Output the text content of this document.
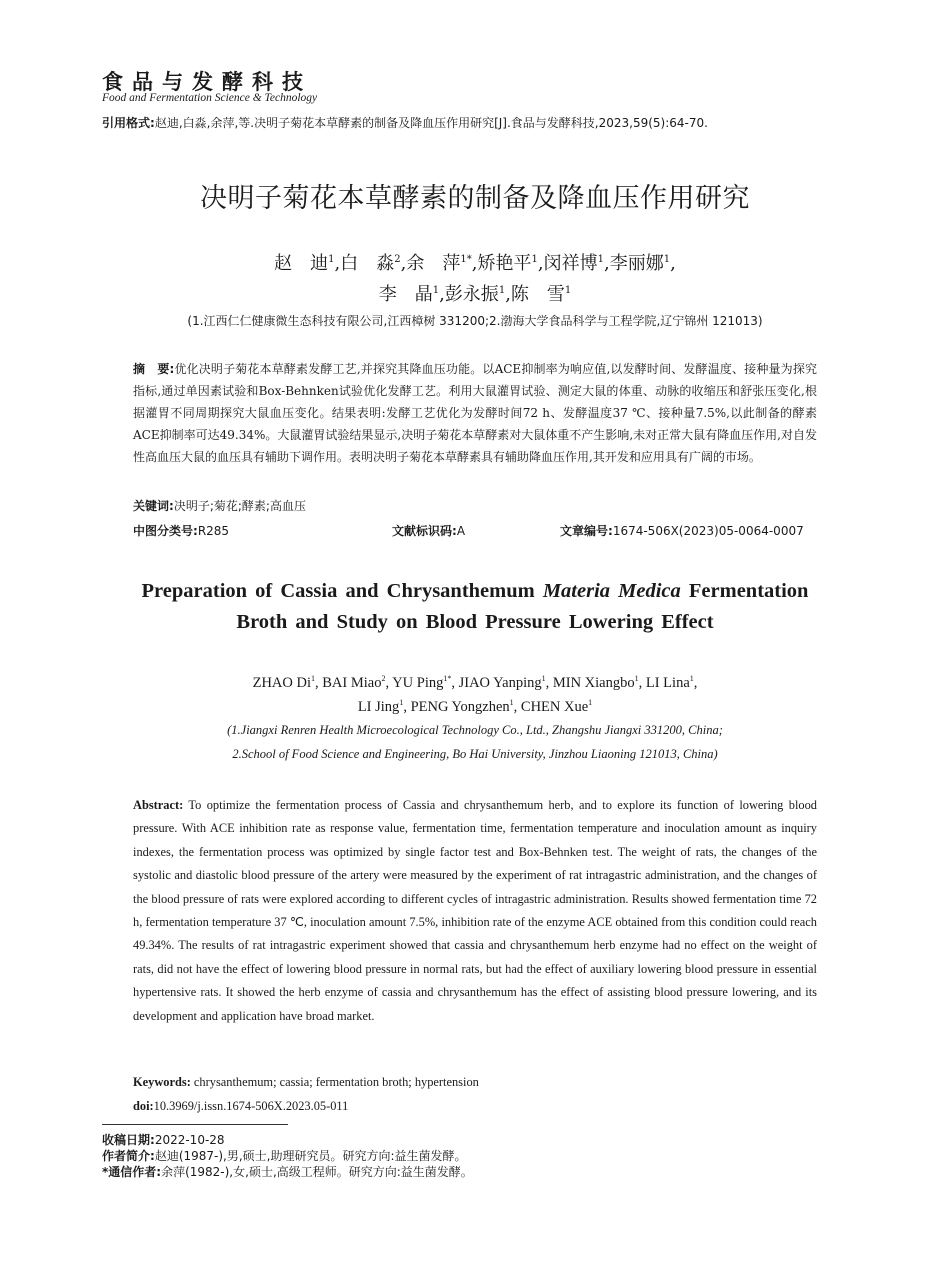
食品与发酵科技
Food and Fermentation Science & Technology
引用格式:赵迪,白淼,余萍,等.决明子菊花本草酵素的制备及降血压作用研究[J].食品与发酵科技,2023,59(5):64-70.
决明子菊花本草酵素的制备及降血压作用研究
赵　迪$^1$,白　淼$^2$,余　萍$^{1*}$,矫艳平$^1$,闵祥博$^1$,李丽娜$^1$,
李　晶$^1$,彭永振$^1$,陈　雪$^1$
(1.江西仁仁健康微生态科技有限公司,江西樟树 331200;2.渤海大学食品科学与工程学院,辽宁锦州 121013)
摘　要:优化决明子菊花本草酵素发酵工艺,并探究其降血压功能。以ACE抑制率为响应值,以发酵时间、发酵温度、接种量为探究指标,通过单因素试验和Box-Behnken试验优化发酵工艺。利用大鼠灌胃试验、测定大鼠的体重、动脉的收缩压和舒张压变化,根据灌胃不同周期探究大鼠血压变化。结果表明:发酵工艺优化为发酵时间72 h、发酵温度37 ℃、接种量7.5%,以此制备的酵素ACE抑制率可达49.34%。大鼠灌胃试验结果显示,决明子菊花本草酵素对大鼠体重不产生影响,未对正常大鼠有降血压作用,对自发性高血压大鼠的血压具有辅助下调作用。表明决明子菊花本草酵素具有辅助降血压作用,其开发和应用具有广阔的市场。
关键词:决明子;菊花;酵素;高血压
中图分类号:R285	文献标识码:A	文章编号:1674-506X(2023)05-0064-0007
Preparation of Cassia and Chrysanthemum Materia Medica Fermentation
Broth and Study on Blood Pressure Lowering Effect
ZHAO Di$^1$, BAI Miao$^2$, YU Ping$^{1*}$, JIAO Yanping$^1$, MIN Xiangbo$^1$, LI Lina$^1$,
LI Jing$^1$, PENG Yongzhen$^1$, CHEN Xue$^1$
(1.Jiangxi Renren Health Microecological Technology Co., Ltd., Zhangshu Jiangxi 331200, China;
2.School of Food Science and Engineering, Bo Hai University, Jinzhou Liaoning 121013, China)
Abstract: To optimize the fermentation process of Cassia and chrysanthemum herb, and to explore its function of lowering blood pressure. With ACE inhibition rate as response value, fermentation time, fermentation temperature and inoculation amount as inquiry indexes, the fermentation process was optimized by single factor test and Box-Behnken test. The weight of rats, the changes of the systolic and diastolic blood pressure of the artery were measured by the experiment of rat intragastric administration, and the changes of the blood pressure of rats were explored according to different cycles of intragastric administration. Results showed fermentation time 72 h, fermentation temperature 37 ℃, inoculation amount 7.5%, inhibition rate of the enzyme ACE obtained from this condition could reach 49.34%. The results of rat intragastric experiment showed that cassia and chrysanthemum herb enzyme had no effect on the weight of rats, did not have the effect of lowering blood pressure in normal rats, but had the effect of auxiliary lowering blood pressure in essential hypertensive rats. It showed the herb enzyme of cassia and chrysanthemum has the effect of assisting blood pressure lowering, and its development and application have broad market.
Keywords: chrysanthemum; cassia; fermentation broth; hypertension
doi:10.3969/j.issn.1674-506X.2023.05-011
收稿日期:2022-10-28
作者简介:赵迪(1987-),男,硕士,助理研究员。研究方向:益生菌发酵。
*通信作者:余萍(1982-),女,硕士,高级工程师。研究方向:益生菌发酵。
